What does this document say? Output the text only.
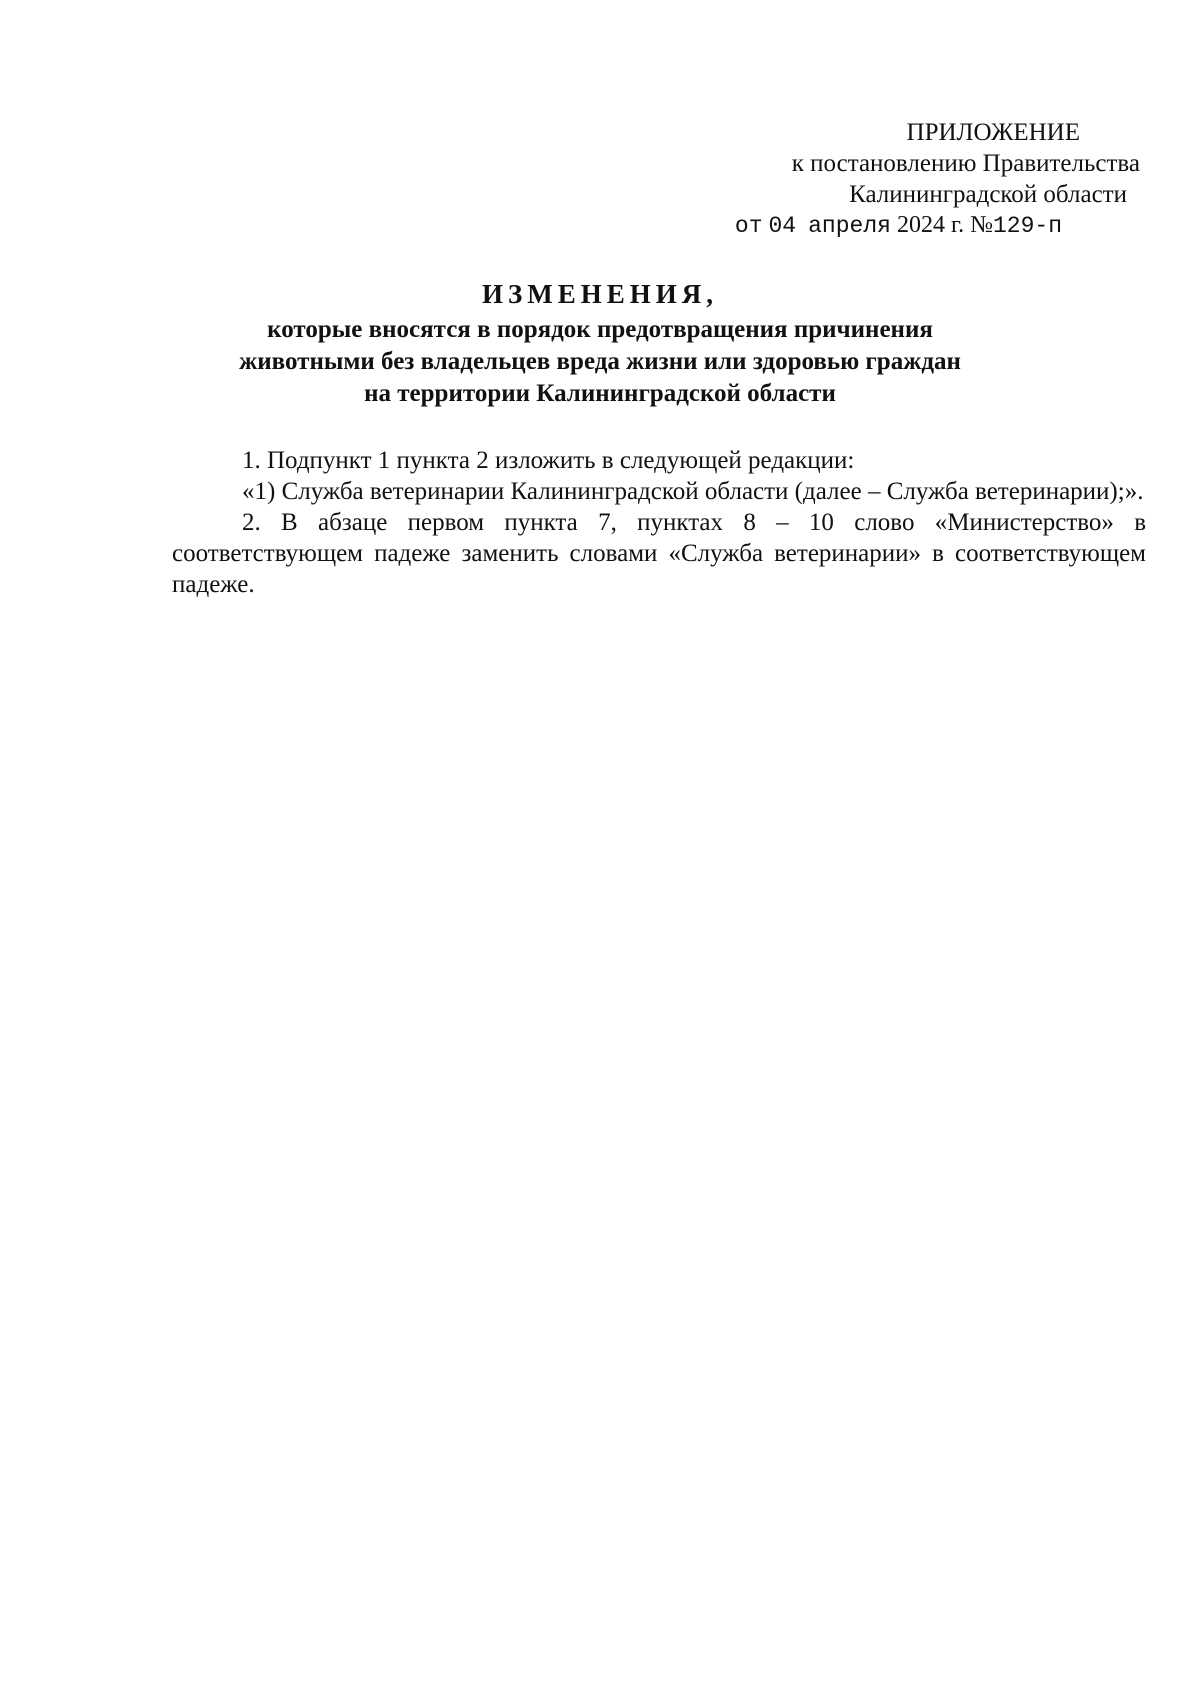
ПРИЛОЖЕНИЕ
к постановлению Правительства
Калининградской области
от 04 апреля 2024 г. №129-п
ИЗМЕНЕНИЯ,
которые вносятся в порядок предотвращения причинения
животными без владельцев вреда жизни или здоровью граждан
на территории Калининградской области

1. Подпункт 1 пункта 2 изложить в следующей редакции:

«1) Служба ветеринарии Калининградской области (далее – Служба ветеринарии);».

2. В абзаце первом пункта 7, пунктах 8 – 10 слово «Министерство» в соответствующем падеже заменить словами «Служба ветеринарии» в соответствующем падеже.
